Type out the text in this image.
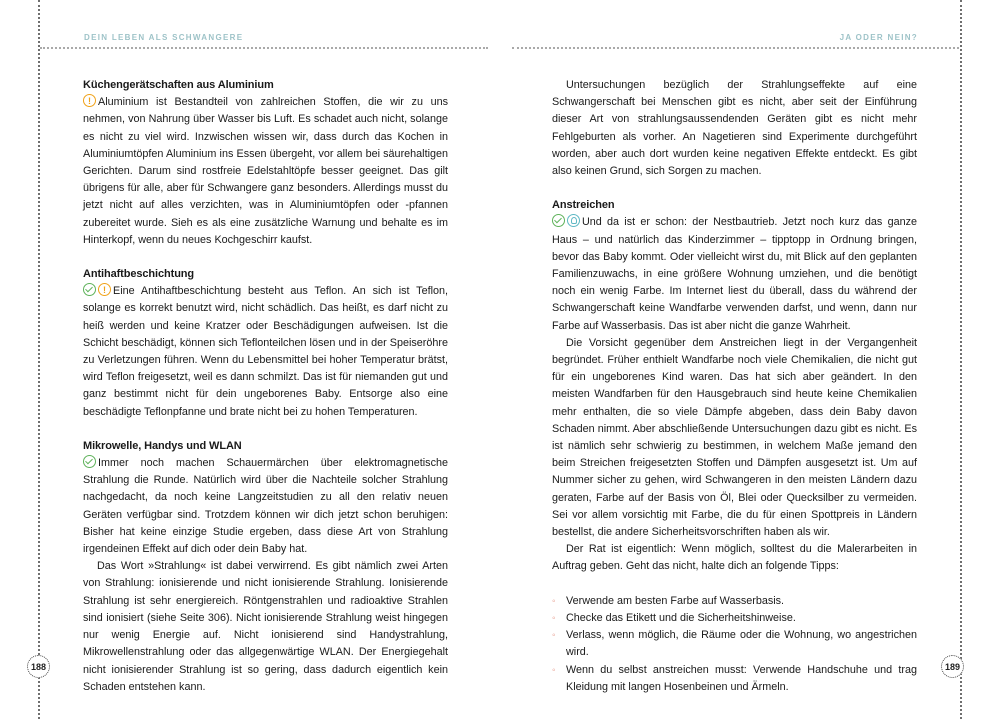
DEIN LEBEN ALS SCHWANGERE	JA ODER NEIN?
188	189
Küchengerätschaften aus Aluminium

!Aluminium ist Bestandteil von zahlreichen Stoffen, die wir zu uns nehmen, von Nahrung über Wasser bis Luft. Es schadet auch nicht, solange es nicht zu viel wird. Inzwischen wissen wir, dass durch das Kochen in Aluminiumtöpfen Aluminium ins Essen übergeht, vor allem bei säurehaltigen Gerichten. Darum sind rostfreie Edelstahltöpfe besser geeignet. Das gilt übrigens für alle, aber für Schwangere ganz besonders. Allerdings musst du jetzt nicht auf alles verzichten, was in Aluminiumtöpfen oder -pfannen zubereitet wurde. Sieh es als eine zusätzliche Warnung und behalte es im Hinterkopf, wenn du neues Kochgeschirr kaufst.

Antihaftbeschichtung

!Eine Antihaftbeschichtung besteht aus Teflon. An sich ist Teflon, solange es korrekt benutzt wird, nicht schädlich. Das heißt, es darf nicht zu heiß werden und keine Kratzer oder Beschädigungen aufweisen. Ist die Schicht beschädigt, können sich Teflonteilchen lösen und in der Speiseröhre zu Verletzungen führen. Wenn du Lebensmittel bei hoher Temperatur brätst, wird Teflon freigesetzt, weil es dann schmilzt. Das ist für niemanden gut und ganz bestimmt nicht für dein ungeborenes Baby. Entsorge also eine beschädigte Teflonpfanne und brate nicht bei zu hohen Temperaturen.

Mikrowelle, Handys und WLAN

Immer noch machen Schauermärchen über elektromagnetische Strahlung die Runde. Natürlich wird über die Nachteile solcher Strahlung nachgedacht, da noch keine Langzeitstudien zu all den relativ neuen Geräten verfügbar sind. Trotzdem können wir dich jetzt schon beruhigen: Bisher hat keine einzige Studie ergeben, dass diese Art von Strahlung irgendeinen Effekt auf dich oder dein Baby hat.

Das Wort »Strahlung« ist dabei verwirrend. Es gibt nämlich zwei Arten von Strahlung: ionisierende und nicht ionisierende Strahlung. Ionisierende Strahlung ist sehr energiereich. Röntgenstrahlen und radioaktive Strahlen sind ionisiert (siehe Seite 306). Nicht ionisierende Strahlung weist hingegen nur wenig Energie auf. Nicht ionisierend sind Handystrahlung, Mikrowellenstrahlung oder das allgegenwärtige WLAN. Der Energiegehalt nicht ionisierender Strahlung ist so gering, dass dadurch eigentlich kein Schaden entstehen kann.

Untersuchungen bezüglich der Strahlungseffekte auf eine Schwangerschaft bei Menschen gibt es nicht, aber seit der Einführung dieser Art von strahlungsaussendenden Geräten gibt es nicht mehr Fehlgeburten als vorher. An Nagetieren sind Experimente durchgeführt worden, aber auch dort wurden keine negativen Effekte entdeckt. Es gibt also keinen Grund, sich Sorgen zu machen.

Anstreichen

Und da ist er schon: der Nestbautrieb. Jetzt noch kurz das ganze Haus – und natürlich das Kinderzimmer – tipptopp in Ordnung bringen, bevor das Baby kommt. Oder vielleicht wirst du, mit Blick auf den geplanten Familienzuwachs, in eine größere Wohnung umziehen, und die benötigt noch ein wenig Farbe. Im Internet liest du überall, dass du während der Schwangerschaft keine Wandfarbe verwenden darfst, und wenn, dann nur Farbe auf Wasserbasis. Das ist aber nicht die ganze Wahrheit.

Die Vorsicht gegenüber dem Anstreichen liegt in der Vergangenheit begründet. Früher enthielt Wandfarbe noch viele Chemikalien, die nicht gut für ein ungeborenes Kind waren. Das hat sich aber geändert. In den meisten Wandfarben für den Hausgebrauch sind heute keine Chemikalien mehr enthalten, die so viele Dämpfe abgeben, dass dein Baby davon Schaden nimmt. Aber abschließende Untersuchungen dazu gibt es nicht. Es ist nämlich sehr schwierig zu bestimmen, in welchem Maße jemand den beim Streichen freigesetzten Stoffen und Dämpfen ausgesetzt ist. Um auf Nummer sicher zu gehen, wird Schwangeren in den meisten Ländern dazu geraten, Farbe auf der Basis von Öl, Blei oder Quecksilber zu vermeiden. Sei vor allem vorsichtig mit Farbe, die du für einen Spottpreis in Ländern bestellst, die andere Sicherheitsvorschriften haben als wir.

Der Rat ist eigentlich: Wenn möglich, solltest du die Malerarbeiten in Auftrag geben. Geht das nicht, halte dich an folgende Tipps:

◦ Verwende am besten Farbe auf Wasserbasis.
◦ Checke das Etikett und die Sicherheitshinweise.
◦ Verlass, wenn möglich, die Räume oder die Wohnung, wo angestrichen wird.
◦ Wenn du selbst anstreichen musst: Verwende Handschuhe und trag Kleidung mit langen Hosenbeinen und Ärmeln.
